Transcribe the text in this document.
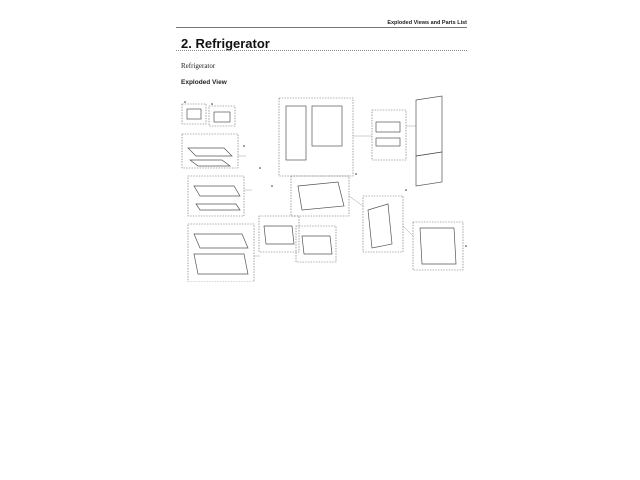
Exploded Views and Parts List
2. Refrigerator
Refrigerator
Exploded View
